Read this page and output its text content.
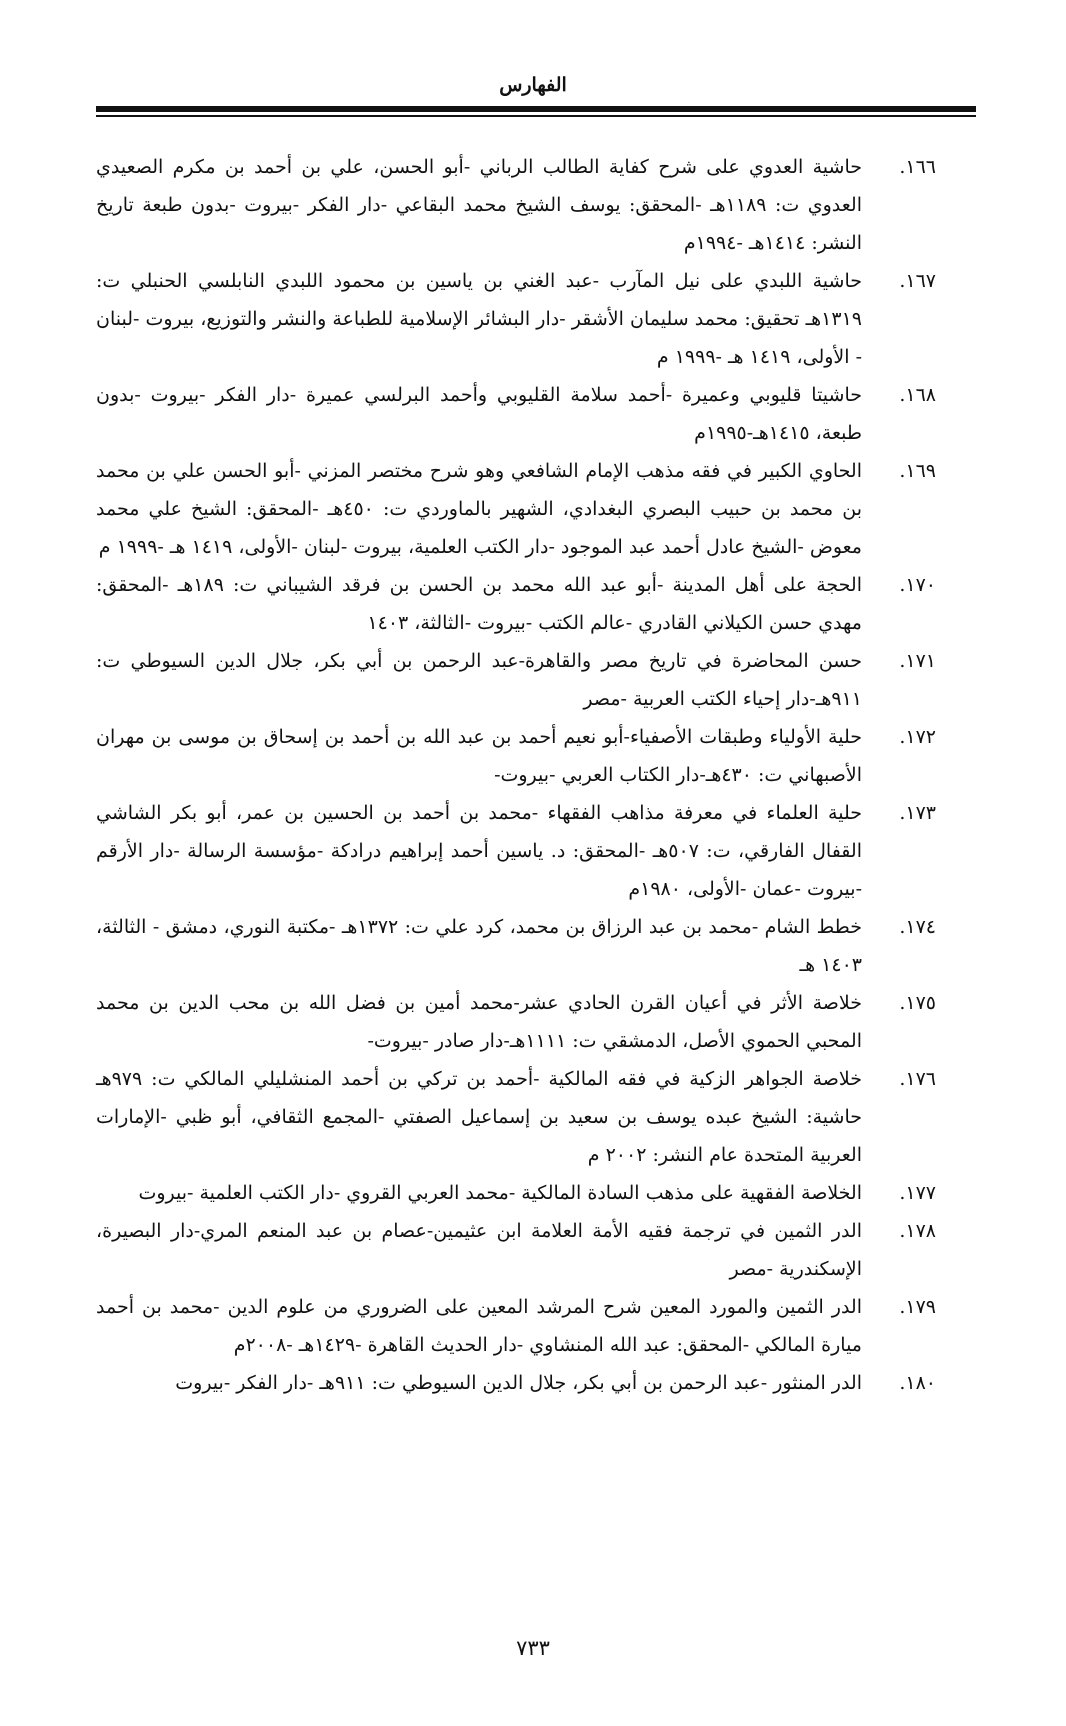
الفهارس
١٦٦.
حاشية العدوي على شرح كفاية الطالب الرباني -أبو الحسن، علي بن أحمد بن مكرم الصعيدي العدوي ت: ١١٨٩هـ -المحقق: يوسف الشيخ محمد البقاعي -دار الفكر -بيروت -بدون طبعة تاريخ النشر: ١٤١٤هـ -١٩٩٤م
١٦٧.
حاشية اللبدي على نيل المآرب -عبد الغني بن ياسين بن محمود اللبدي النابلسي الحنبلي ت: ١٣١٩هـ تحقيق: محمد سليمان الأشقر -دار البشائر الإسلامية للطباعة والنشر والتوزيع، بيروت -لبنان - الأولى، ١٤١٩ هـ -١٩٩٩ م
١٦٨.
حاشيتا قليوبي وعميرة -أحمد سلامة القليوبي وأحمد البرلسي عميرة -دار الفكر -بيروت -بدون طبعة، ١٤١٥هـ-١٩٩٥م
١٦٩.
الحاوي الكبير في فقه مذهب الإمام الشافعي وهو شرح مختصر المزني -أبو الحسن علي بن محمد بن محمد بن حبيب البصري البغدادي، الشهير بالماوردي ت: ٤٥٠هـ -المحقق: الشيخ علي محمد معوض -الشيخ عادل أحمد عبد الموجود -دار الكتب العلمية، بيروت -لبنان -الأولى، ١٤١٩ هـ -١٩٩٩ م
١٧٠.
الحجة على أهل المدينة -أبو عبد الله محمد بن الحسن بن فرقد الشيباني ت: ١٨٩هـ -المحقق: مهدي حسن الكيلاني القادري -عالم الكتب -بيروت -الثالثة، ١٤٠٣
١٧١.
حسن المحاضرة في تاريخ مصر والقاهرة-عبد الرحمن بن أبي بكر، جلال الدين السيوطي ت: ٩١١هـ-دار إحياء الكتب العربية -مصر
١٧٢.
حلية الأولياء وطبقات الأصفياء-أبو نعيم أحمد بن عبد الله بن أحمد بن إسحاق بن موسى بن مهران الأصبهاني ت: ٤٣٠هـ-دار الكتاب العربي -بيروت-
١٧٣.
حلية العلماء في معرفة مذاهب الفقهاء -محمد بن أحمد بن الحسين بن عمر، أبو بكر الشاشي القفال الفارقي، ت: ٥٠٧هـ -المحقق: د. ياسين أحمد إبراهيم درادكة -مؤسسة الرسالة -دار الأرقم -بيروت -عمان -الأولى، ١٩٨٠م
١٧٤.
خطط الشام -محمد بن عبد الرزاق بن محمد، كرد علي ت: ١٣٧٢هـ -مكتبة النوري، دمشق - الثالثة، ١٤٠٣ هـ
١٧٥.
خلاصة الأثر في أعيان القرن الحادي عشر-محمد أمين بن فضل الله بن محب الدين بن محمد المحبي الحموي الأصل، الدمشقي ت: ١١١١هـ-دار صادر -بيروت-
١٧٦.
خلاصة الجواهر الزكية في فقه المالكية -أحمد بن تركي بن أحمد المنشليلي المالكي ت: ٩٧٩هـ حاشية: الشيخ عبده يوسف بن سعيد بن إسماعيل الصفتي -المجمع الثقافي، أبو ظبي -الإمارات العربية المتحدة عام النشر: ٢٠٠٢ م
١٧٧.
الخلاصة الفقهية على مذهب السادة المالكية -محمد العربي القروي -دار الكتب العلمية -بيروت
١٧٨.
الدر الثمين في ترجمة فقيه الأمة العلامة ابن عثيمين-عصام بن عبد المنعم المري-دار البصيرة، الإسكندرية -مصر
١٧٩.
الدر الثمين والمورد المعين شرح المرشد المعين على الضروري من علوم الدين -محمد بن أحمد ميارة المالكي -المحقق: عبد الله المنشاوي -دار الحديث القاهرة -١٤٢٩هـ -٢٠٠٨م
١٨٠.
الدر المنثور -عبد الرحمن بن أبي بكر، جلال الدين السيوطي ت: ٩١١هـ -دار الفكر -بيروت
٧٣٣
